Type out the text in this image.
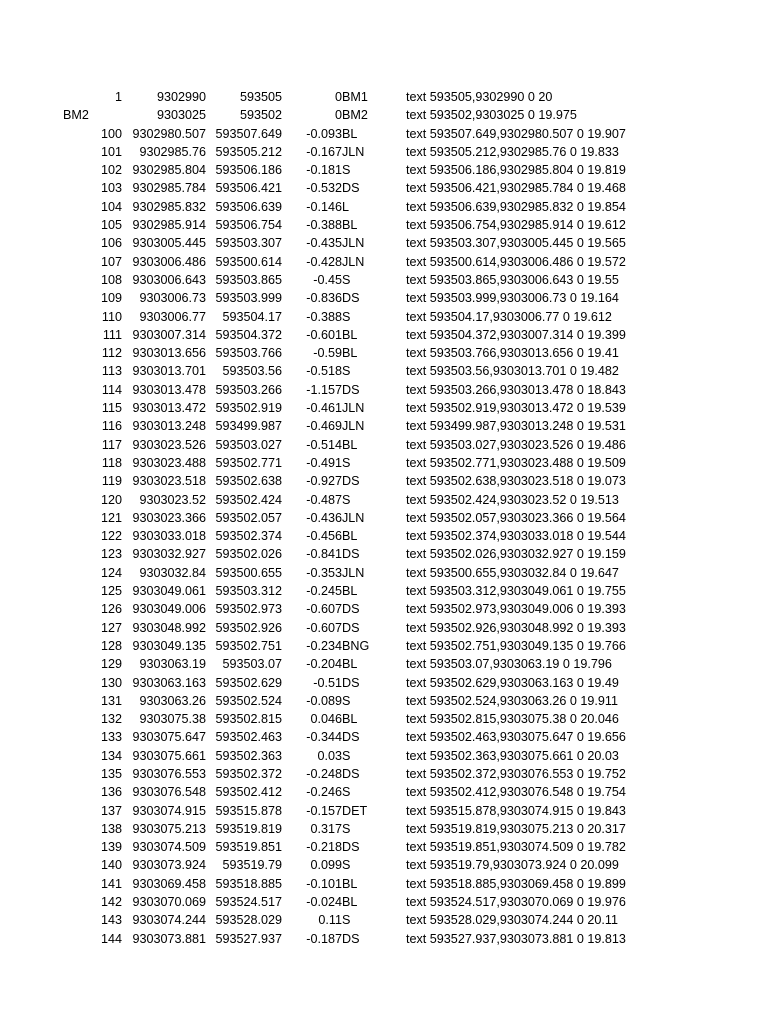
1	9302990	593505	0 BM1	text 593505,9302990 0 20
BM2	9303025	593502	0 BM2	text 593502,9303025 0 19.975
100 9302980.507 593507.649	-0.093 BL	text 593507.649,9302980.507 0 19.907
101	9302985.76 593505.212	-0.167 JLN	text 593505.212,9302985.76 0 19.833
102 9302985.804 593506.186	-0.181 S	text 593506.186,9302985.804 0 19.819
103 9302985.784 593506.421	-0.532 DS	text 593506.421,9302985.784 0 19.468
104 9302985.832 593506.639	-0.146 L	text 593506.639,9302985.832 0 19.854
105 9302985.914 593506.754	-0.388 BL	text 593506.754,9302985.914 0 19.612
106 9303005.445 593503.307	-0.435 JLN	text 593503.307,9303005.445 0 19.565
107 9303006.486 593500.614	-0.428 JLN	text 593500.614,9303006.486 0 19.572
108 9303006.643 593503.865	-0.45 S	text 593503.865,9303006.643 0 19.55
109	9303006.73 593503.999	-0.836 DS	text 593503.999,9303006.73 0 19.164
110	9303006.77	593504.17	-0.388 S	text 593504.17,9303006.77 0 19.612
111 9303007.314 593504.372	-0.601 BL	text 593504.372,9303007.314 0 19.399
112 9303013.656 593503.766	-0.59 BL	text 593503.766,9303013.656 0 19.41
113 9303013.701	593503.56	-0.518 S	text 593503.56,9303013.701 0 19.482
114 9303013.478 593503.266	-1.157 DS	text 593503.266,9303013.478 0 18.843
115 9303013.472 593502.919	-0.461 JLN	text 593502.919,9303013.472 0 19.539
116 9303013.248 593499.987	-0.469 JLN	text 593499.987,9303013.248 0 19.531
117 9303023.526 593503.027	-0.514 BL	text 593503.027,9303023.526 0 19.486
118 9303023.488 593502.771	-0.491 S	text 593502.771,9303023.488 0 19.509
119 9303023.518 593502.638	-0.927 DS	text 593502.638,9303023.518 0 19.073
120	9303023.52 593502.424	-0.487 S	text 593502.424,9303023.52 0 19.513
121 9303023.366 593502.057	-0.436 JLN	text 593502.057,9303023.366 0 19.564
122 9303033.018 593502.374	-0.456 BL	text 593502.374,9303033.018 0 19.544
123 9303032.927 593502.026	-0.841 DS	text 593502.026,9303032.927 0 19.159
124	9303032.84 593500.655	-0.353 JLN	text 593500.655,9303032.84 0 19.647
125 9303049.061 593503.312	-0.245 BL	text 593503.312,9303049.061 0 19.755
126 9303049.006 593502.973	-0.607 DS	text 593502.973,9303049.006 0 19.393
127 9303048.992 593502.926	-0.607 DS	text 593502.926,9303048.992 0 19.393
128 9303049.135 593502.751	-0.234 BNG	text 593502.751,9303049.135 0 19.766
129	9303063.19	593503.07	-0.204 BL	text 593503.07,9303063.19 0 19.796
130 9303063.163 593502.629	-0.51 DS	text 593502.629,9303063.163 0 19.49
131	9303063.26 593502.524	-0.089 S	text 593502.524,9303063.26 0 19.911
132	9303075.38 593502.815	0.046 BL	text 593502.815,9303075.38 0 20.046
133 9303075.647 593502.463	-0.344 DS	text 593502.463,9303075.647 0 19.656
134 9303075.661 593502.363	0.03 S	text 593502.363,9303075.661 0 20.03
135 9303076.553 593502.372	-0.248 DS	text 593502.372,9303076.553 0 19.752
136 9303076.548 593502.412	-0.246 S	text 593502.412,9303076.548 0 19.754
137 9303074.915 593515.878	-0.157 DET	text 593515.878,9303074.915 0 19.843
138 9303075.213 593519.819	0.317 S	text 593519.819,9303075.213 0 20.317
139 9303074.509 593519.851	-0.218 DS	text 593519.851,9303074.509 0 19.782
140 9303073.924	593519.79	0.099 S	text 593519.79,9303073.924 0 20.099
141 9303069.458 593518.885	-0.101 BL	text 593518.885,9303069.458 0 19.899
142 9303070.069 593524.517	-0.024 BL	text 593524.517,9303070.069 0 19.976
143 9303074.244 593528.029	0.11 S	text 593528.029,9303074.244 0 20.11
144 9303073.881 593527.937	-0.187 DS	text 593527.937,9303073.881 0 19.813
